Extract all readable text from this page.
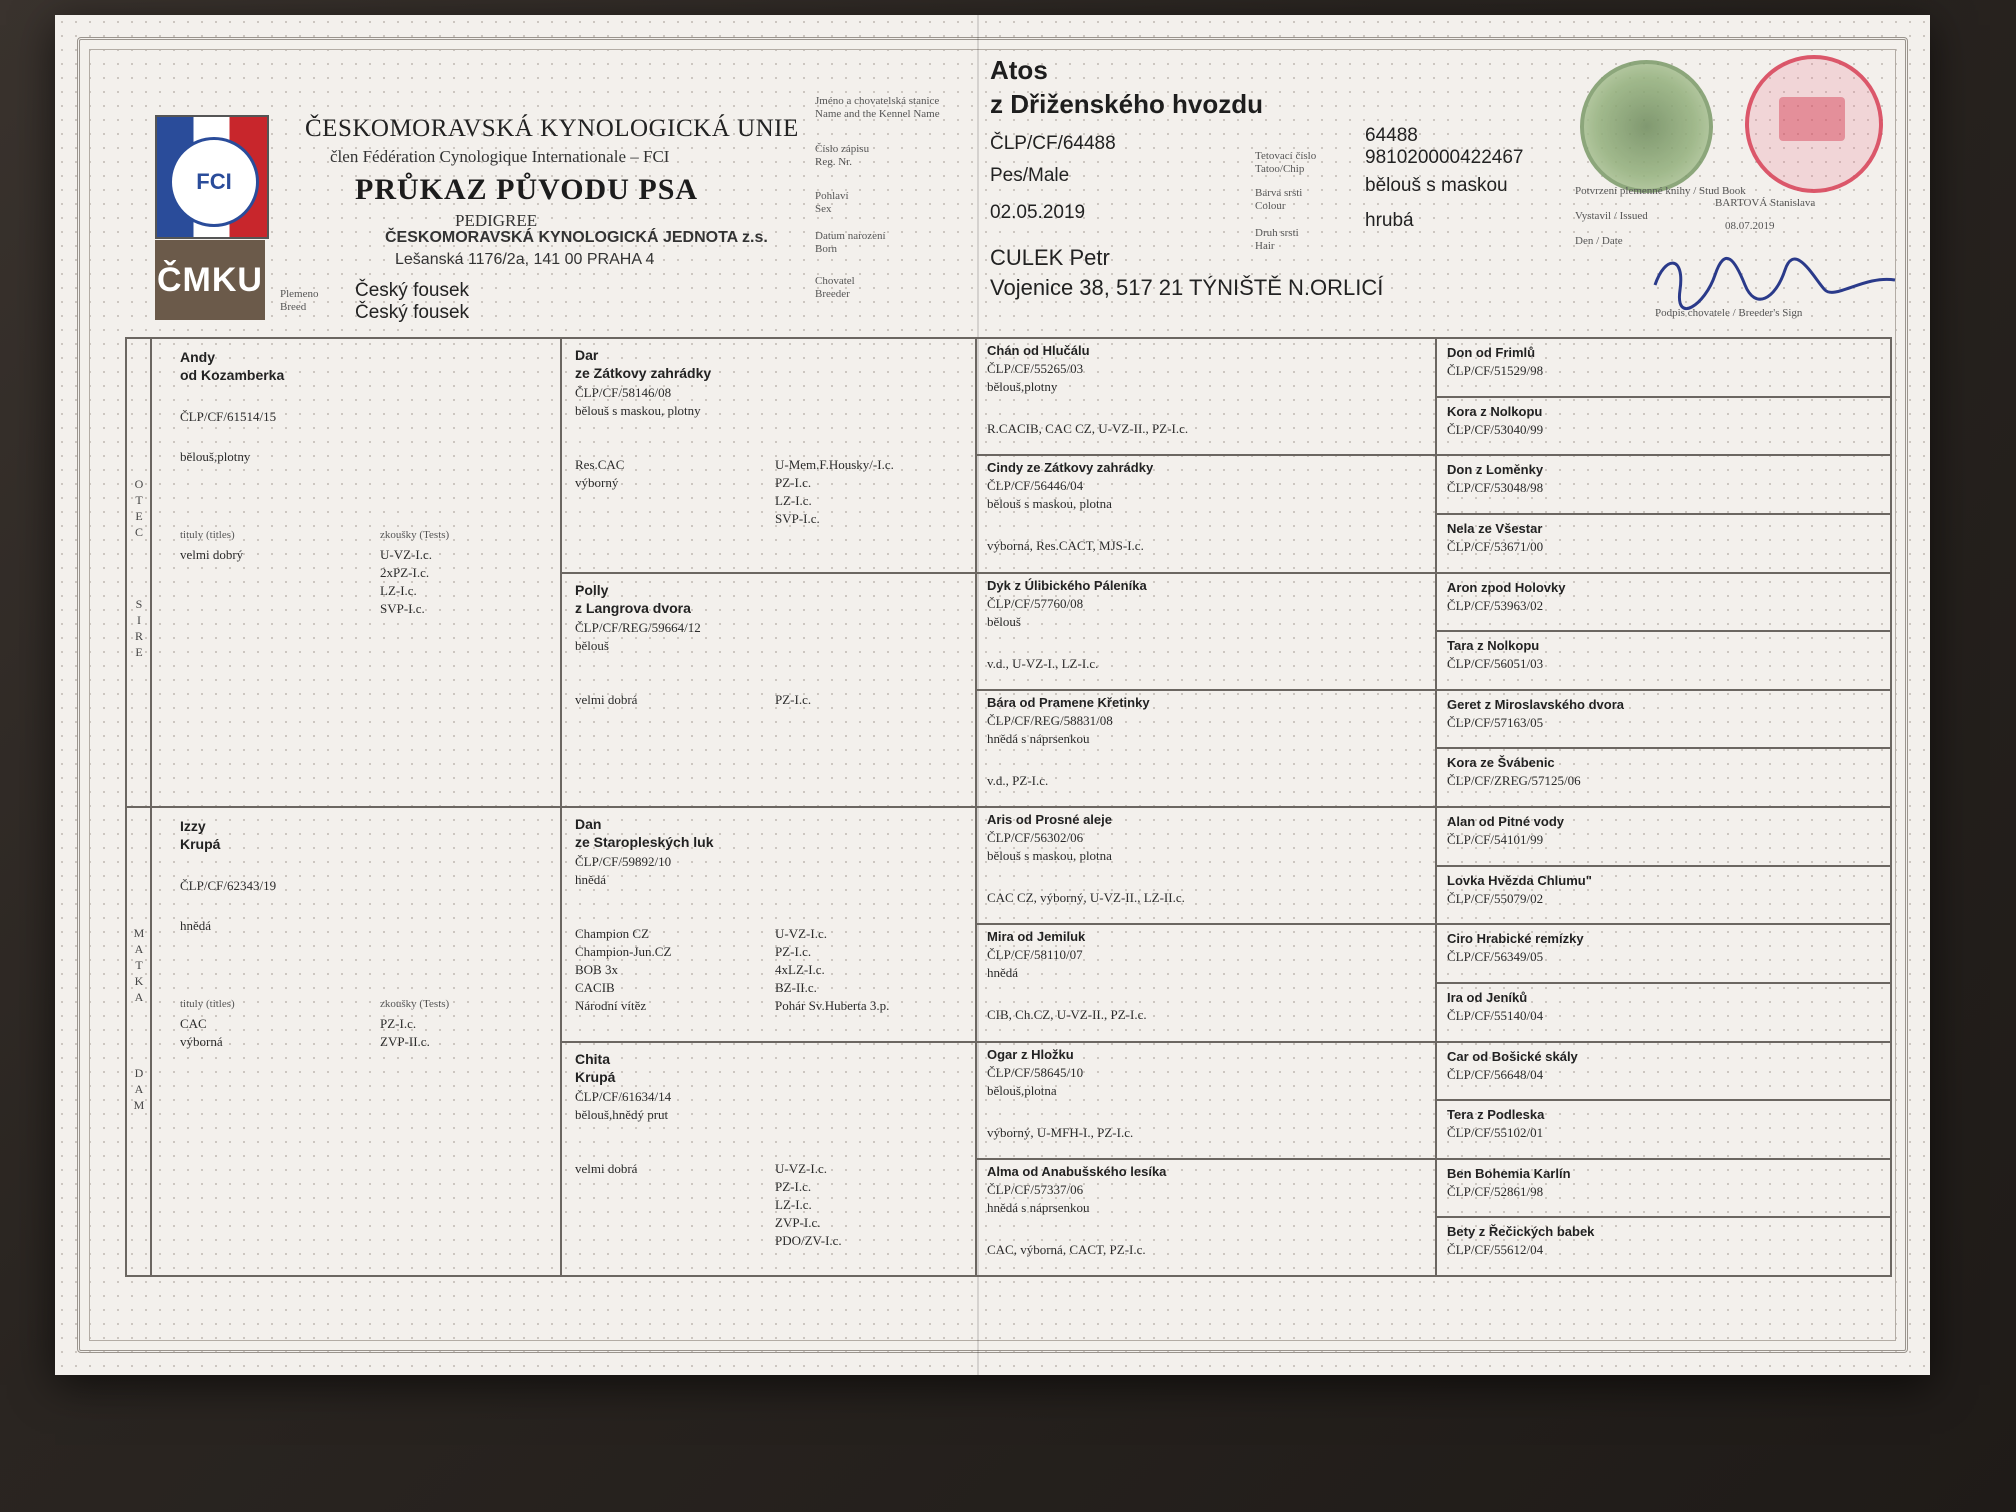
FCI
ČMKU
ČESKOMORAVSKÁ KYNOLOGICKÁ UNIE
člen Fédération Cynologique Internationale – FCI
PRŮKAZ PŮVODU PSA
PEDIGREE
ČESKOMORAVSKÁ KYNOLOGICKÁ JEDNOTA z.s.
Lešanská 1176/2a, 141 00 PRAHA 4
Plemeno
Breed
Český fousek
Český fousek
Jméno a chovatelská stanice
Name and the Kennel Name
Číslo zápisu
Reg. Nr.
Pohlaví
Sex
Datum narození
Born
Chovatel
Breeder
Atos
z Dřiženského hvozdu
ČLP/CF/64488
Pes/Male
02.05.2019
CULEK Petr
Vojenice 38, 517 21 TÝNIŠTĚ N.ORLICÍ
Tetovací číslo
Tatoo/Chip
Barva srsti
Colour
Druh srsti
Hair
64488
981020000422467
bělouš s maskou
hrubá
Potvrzení plemenné knihy / Stud Book
Vystavil / Issued
BARTOVÁ Stanislava
Den / Date
08.07.2019
Podpis chovatele / Breeder's Sign
OTEC
SIRE
MATKA
DAM
Andy
od Kozamberka
ČLP/CF/61514/15
bělouš,plotny
tituly (titles)	zkoušky (Tests)
velmi dobrý	U-VZ-I.c.
2xPZ-I.c.
LZ-I.c.
SVP-I.c.
Izzy
Krupá
ČLP/CF/62343/19
hnědá
tituly (titles)	zkoušky (Tests)
CAC
výborná
PZ-I.c.
ZVP-II.c.
Dar
ze Zátkovy zahrádky
ČLP/CF/58146/08
bělouš s maskou, plotny
Res.CAC
výborný
U-Mem.F.Housky/-I.c.
PZ-I.c.
LZ-I.c.
SVP-I.c.
Polly
z Langrova dvora
ČLP/CF/REG/59664/12
bělouš
velmi dobrá	PZ-I.c.
Dan
ze Staropleských luk
ČLP/CF/59892/10
hnědá
Champion CZ
Champion-Jun.CZ
BOB 3x
CACIB
Národní vítěz
U-VZ-I.c.
PZ-I.c.
4xLZ-I.c.
BZ-II.c.
Pohár Sv.Huberta 3.p.
Chita
Krupá
ČLP/CF/61634/14
bělouš,hnědý prut
velmi dobrá	U-VZ-I.c.
PZ-I.c.
LZ-I.c.
ZVP-I.c.
PDO/ZV-I.c.
Chán od Hlučálu
ČLP/CF/55265/03
bělouš,plotny
R.CACIB, CAC CZ, U-VZ-II., PZ-I.c.
Cindy ze Zátkovy zahrádky
ČLP/CF/56446/04
bělouš s maskou, plotna
výborná, Res.CACT, MJS-I.c.
Dyk z Úlibického Páleníka
ČLP/CF/57760/08
bělouš
v.d., U-VZ-I., LZ-I.c.
Bára od Pramene Křetinky
ČLP/CF/REG/58831/08
hnědá s náprsenkou
v.d., PZ-I.c.
Aris od Prosné aleje
ČLP/CF/56302/06
bělouš s maskou, plotna
CAC CZ, výborný, U-VZ-II., LZ-II.c.
Mira od Jemiluk
ČLP/CF/58110/07
hnědá
CIB, Ch.CZ, U-VZ-II., PZ-I.c.
Ogar z Hložku
ČLP/CF/58645/10
bělouš,plotna
výborný, U-MFH-I., PZ-I.c.
Alma od Anabušského lesíka
ČLP/CF/57337/06
hnědá s náprsenkou
CAC, výborná, CACT, PZ-I.c.
Don od Frimlů
ČLP/CF/51529/98
Kora z Nolkopu
ČLP/CF/53040/99
Don z Loměnky
ČLP/CF/53048/98
Nela ze Všestar
ČLP/CF/53671/00
Aron zpod Holovky
ČLP/CF/53963/02
Tara z Nolkopu
ČLP/CF/56051/03
Geret z Miroslavského dvora
ČLP/CF/57163/05
Kora ze Švábenic
ČLP/CF/ZREG/57125/06
Alan od Pitné vody
ČLP/CF/54101/99
Lovka Hvězda Chlumu"
ČLP/CF/55079/02
Ciro Hrabické remízky
ČLP/CF/56349/05
Ira od Jeníků
ČLP/CF/55140/04
Car od Bošické skály
ČLP/CF/56648/04
Tera z Podleska
ČLP/CF/55102/01
Ben Bohemia Karlín
ČLP/CF/52861/98
Bety z Řečických babek
ČLP/CF/55612/04
